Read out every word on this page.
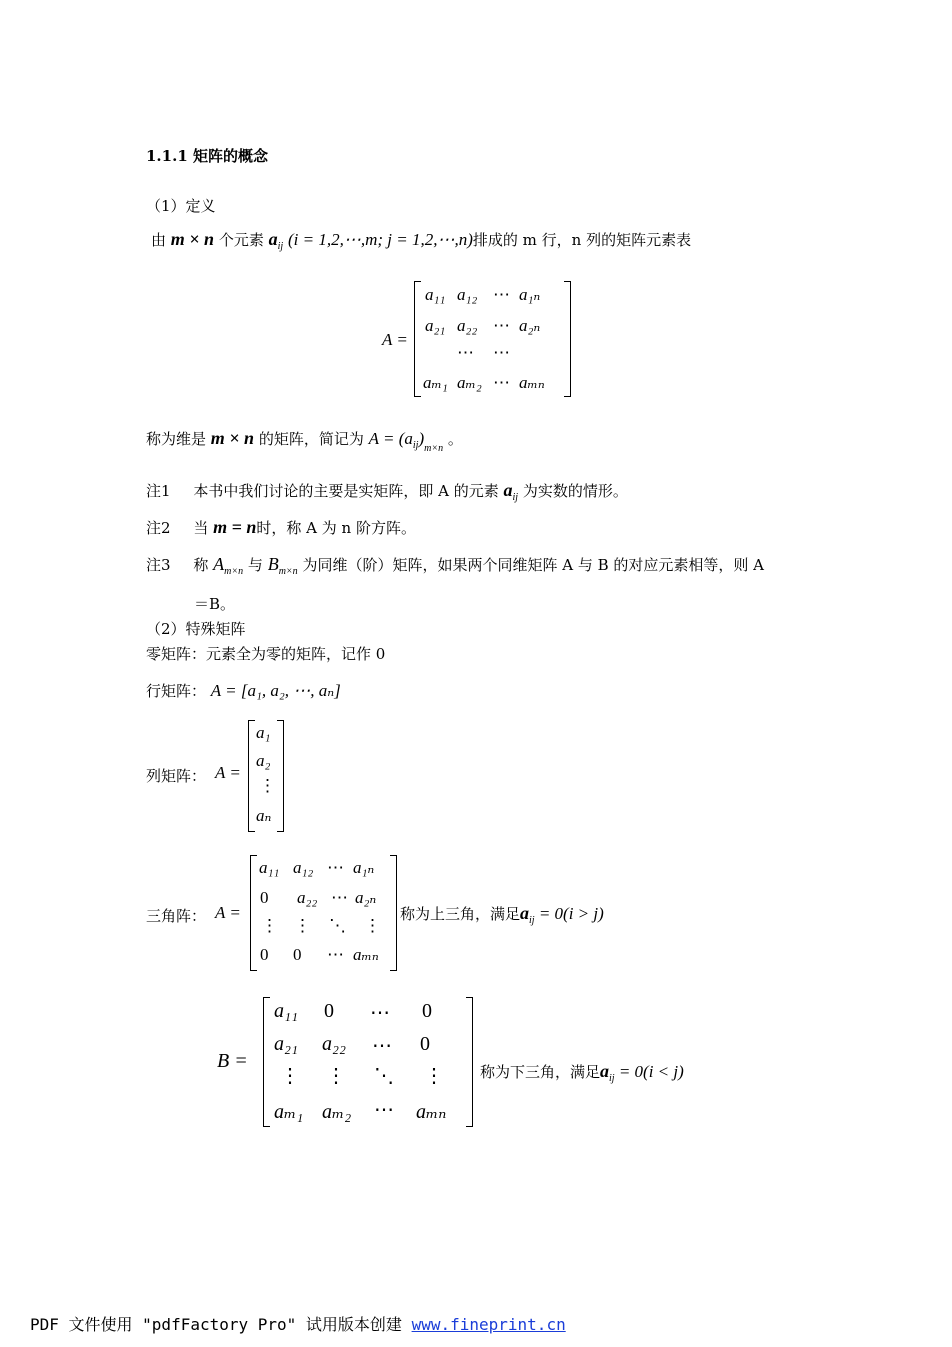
1.1.1 矩阵的概念
（1）定义
由 m × n 个元素 $a_{ij}$ (i = 1,2,⋯,m; j = 1,2,⋯,n)排成的 m 行，n 列的矩阵元素表
A =
a₁₁ a₁₂ ⋯ a₁ₙ
a₂₁ a₂₂ ⋯ a₂ₙ
⋯ ⋯
aₘ₁ aₘ₂ ⋯ aₘₙ
称为维是 m × n 的矩阵，简记为 $A = (a_{ij})_{m\times n}$ 。
注1 本书中我们讨论的主要是实矩阵，即 A 的元素 $a_{ij}$ 为实数的情形。
注2 当 m = n时，称 A 为 n 阶方阵。
注3 称 $A_{m\times n}$ 与 $B_{m\times n}$ 为同维（阶）矩阵，如果两个同维矩阵 A 与 B 的对应元素相等，则 A
＝B。
（2）特殊矩阵
零矩阵：元素全为零的矩阵，记作 0
行矩阵： A = [a₁, a₂, ⋯, aₙ]
列矩阵： A =
a₁
a₂
⋮
aₙ
三角阵： A =
a₁₁ a₁₂ ⋯ a₁ₙ
0 a₂₂ ⋯ a₂ₙ
⋮ ⋮ ⋱ ⋮
0 0 ⋯ aₘₙ
称为上三角，满足$a_{ij} = 0(i > j)$
B =
a₁₁ 0 ⋯ 0
a₂₁ a₂₂ ⋯ 0
⋮ ⋮ ⋱ ⋮
aₘ₁ aₘ₂ ⋯ aₘₙ
称为下三角，满足$a_{ij} = 0(i < j)$
PDF 文件使用 "pdfFactory Pro" 试用版本创建 www.fineprint.cn
